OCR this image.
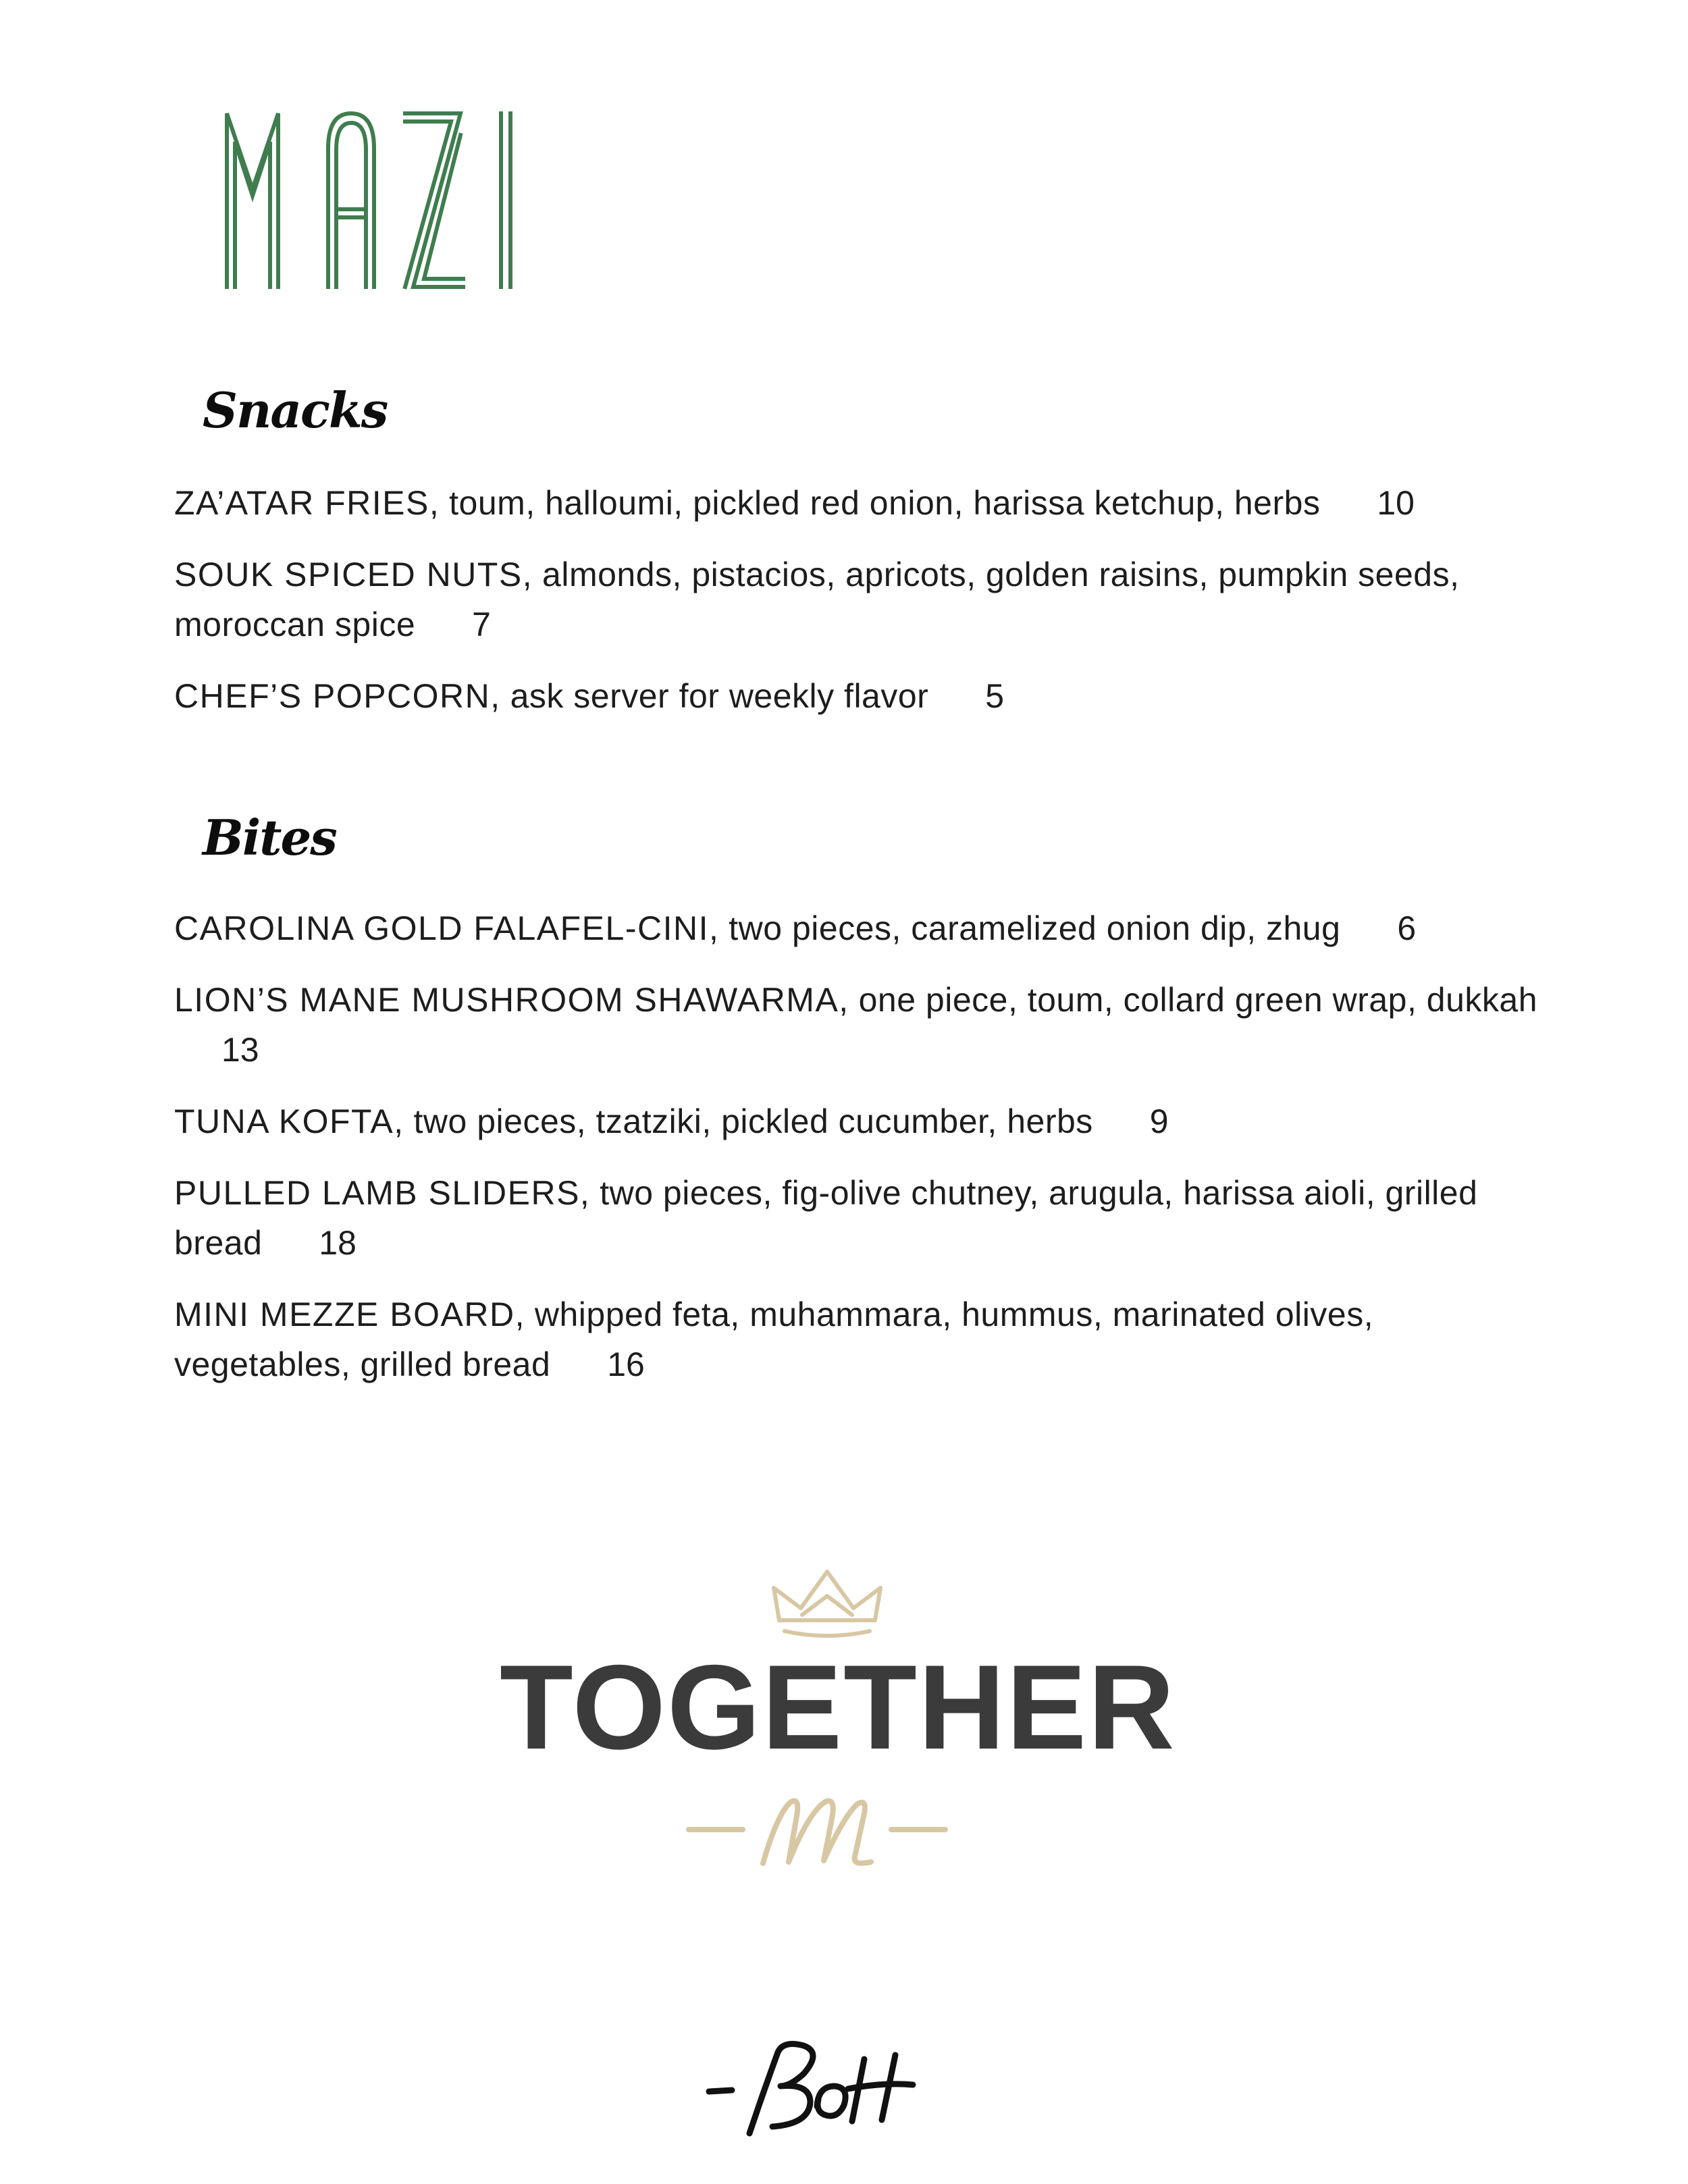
Snacks
ZA’ATAR FRIES, toum, halloumi, pickled red onion, harissa ketchup, herbs 10
SOUK SPICED NUTS, almonds, pistacios, apricots, golden raisins, pumpkin seeds, moroccan spice 7
CHEF’S POPCORN, ask server for weekly flavor 5
Bites
CAROLINA GOLD FALAFEL-CINI, two pieces, caramelized onion dip, zhug 6
LION’S MANE MUSHROOM SHAWARMA, one piece, toum, collard green wrap, dukkah 13
TUNA KOFTA, two pieces, tzatziki, pickled cucumber, herbs 9
PULLED LAMB SLIDERS, two pieces, fig-olive chutney, arugula, harissa aioli, grilled bread 18
MINI MEZZE BOARD, whipped feta, muhammara, hummus, marinated olives, vegetables, grilled bread 16
TOGETHER
